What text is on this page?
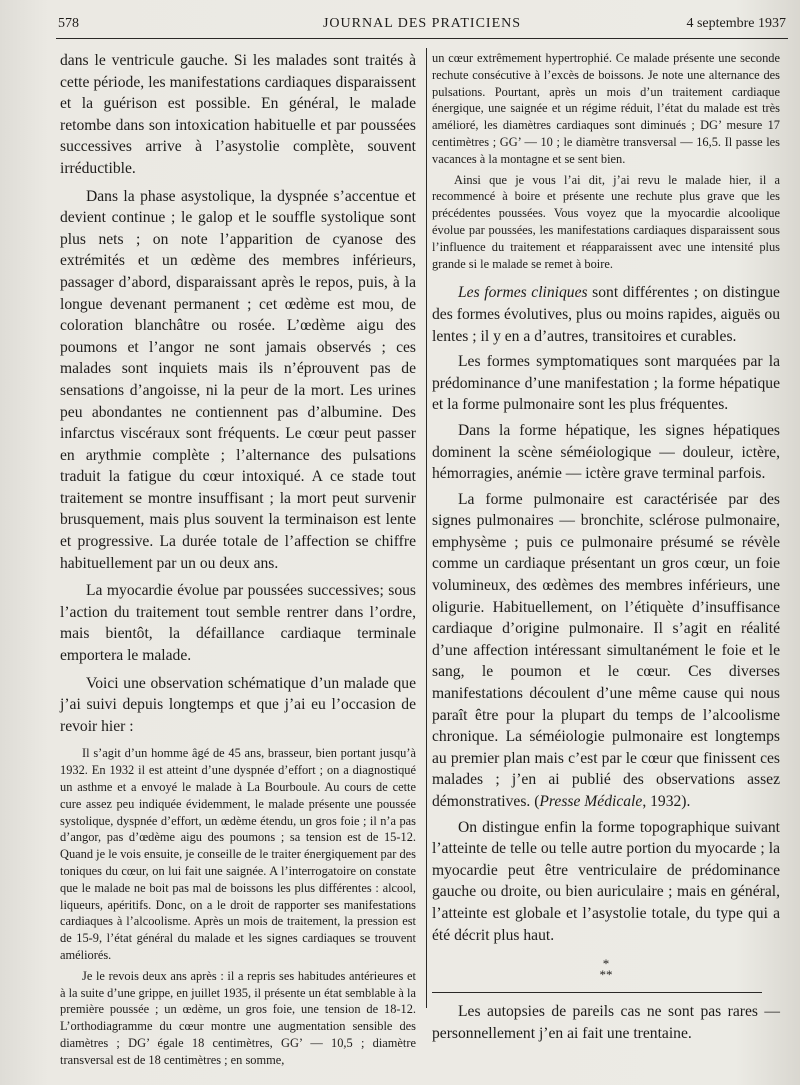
578	JOURNAL DES PRATICIENS	4 septembre 1937

dans le ventricule gauche. Si les malades sont traités à cette période, les manifestations cardiaques disparaissent et la guérison est possible. En général, le malade retombe dans son intoxication habituelle et par poussées successives arrive à l’asystolie complète, souvent irréductible.

Dans la phase asystolique, la dyspnée s’accentue et devient continue ; le galop et le souffle systolique sont plus nets ; on note l’apparition de cyanose des extrémités et un œdème des membres inférieurs, passager d’abord, disparaissant après le repos, puis, à la longue devenant permanent ; cet œdème est mou, de coloration blanchâtre ou rosée. L’œdème aigu des poumons et l’angor ne sont jamais observés ; ces malades sont inquiets mais ils n’éprouvent pas de sensations d’angoisse, ni la peur de la mort. Les urines peu abondantes ne contiennent pas d’albumine. Des infarctus viscéraux sont fréquents. Le cœur peut passer en arythmie complète ; l’alternance des pulsations traduit la fatigue du cœur intoxiqué. A ce stade tout traitement se montre insuffisant ; la mort peut survenir brusquement, mais plus souvent la terminaison est lente et progressive. La durée totale de l’affection se chiffre habituellement par un ou deux ans.

La myocardie évolue par poussées successives; sous l’action du traitement tout semble rentrer dans l’ordre, mais bientôt, la défaillance cardiaque terminale emportera le malade.

Voici une observation schématique d’un malade que j’ai suivi depuis longtemps et que j’ai eu l’occasion de revoir hier :

Il s’agit d’un homme âgé de 45 ans, brasseur, bien portant jusqu’à 1932. En 1932 il est atteint d’une dyspnée d’effort ; on a diagnostiqué un asthme et a envoyé le malade à La Bourboule. Au cours de cette cure assez peu indiquée évidemment, le malade présente une poussée systolique, dyspnée d’effort, un œdème étendu, un gros foie ; il n’a pas d’angor, pas d’œdème aigu des poumons ; sa tension est de 15-12. Quand je le vois ensuite, je conseille de le traiter énergiquement par des toniques du cœur, on lui fait une saignée. A l’interrogatoire on constate que le malade ne boit pas mal de boissons les plus différentes : alcool, liqueurs, apéritifs. Donc, on a le droit de rapporter ses manifestations cardiaques à l’alcoolisme. Après un mois de traitement, la pression est de 15-9, l’état général du malade et les signes cardiaques se trouvent améliorés.

Je le revois deux ans après : il a repris ses habitudes antérieures et à la suite d’une grippe, en juillet 1935, il présente un état semblable à la première poussée ; un œdème, un gros foie, une tension de 18-12. L’orthodiagramme du cœur montre une augmentation sensible des diamètres ; DG’ égale 18 centimètres, GG’ — 10,5 ; diamètre transversal est de 18 centimètres ; en somme,

un cœur extrêmement hypertrophié. Ce malade présente une seconde rechute consécutive à l’excès de boissons. Je note une alternance des pulsations. Pourtant, après un mois d’un traitement cardiaque énergique, une saignée et un régime réduit, l’état du malade est très amélioré, les diamètres cardiaques sont diminués ; DG’ mesure 17 centimètres ; GG’ — 10 ; le diamètre transversal — 16,5. Il passe les vacances à la montagne et se sent bien.

Ainsi que je vous l’ai dit, j’ai revu le malade hier, il a recommencé à boire et présente une rechute plus grave que les précédentes poussées. Vous voyez que la myocardie alcoolique évolue par poussées, les manifestations cardiaques disparaissent sous l’influence du traitement et réapparaissent avec une intensité plus grande si le malade se remet à boire.

Les formes cliniques sont différentes ; on distingue des formes évolutives, plus ou moins rapides, aiguës ou lentes ; il y en a d’autres, transitoires et curables.

Les formes symptomatiques sont marquées par la prédominance d’une manifestation ; la forme hépatique et la forme pulmonaire sont les plus fréquentes.

Dans la forme hépatique, les signes hépatiques dominent la scène séméiologique — douleur, ictère, hémorragies, anémie — ictère grave terminal parfois.

La forme pulmonaire est caractérisée par des signes pulmonaires — bronchite, sclérose pulmonaire, emphysème ; puis ce pulmonaire présumé se révèle comme un cardiaque présentant un gros cœur, un foie volumineux, des œdèmes des membres inférieurs, une oligurie. Habituellement, on l’étiquète d’insuffisance cardiaque d’origine pulmonaire. Il s’agit en réalité d’une affection intéressant simultanément le foie et le sang, le poumon et le cœur. Ces diverses manifestations découlent d’une même cause qui nous paraît être pour la plupart du temps de l’alcoolisme chronique. La séméiologie pulmonaire est longtemps au premier plan mais c’est par le cœur que finissent ces malades ; j’en ai publié des observations assez démonstratives. (Presse Médicale, 1932).

On distingue enfin la forme topographique suivant l’atteinte de telle ou telle autre portion du myocarde ; la myocardie peut être ventriculaire de prédominance gauche ou droite, ou bien auriculaire ; mais en général, l’atteinte est globale et l’asystolie totale, du type qui a été décrit plus haut.

*
**

Les autopsies de pareils cas ne sont pas rares — personnellement j’en ai fait une trentaine.
